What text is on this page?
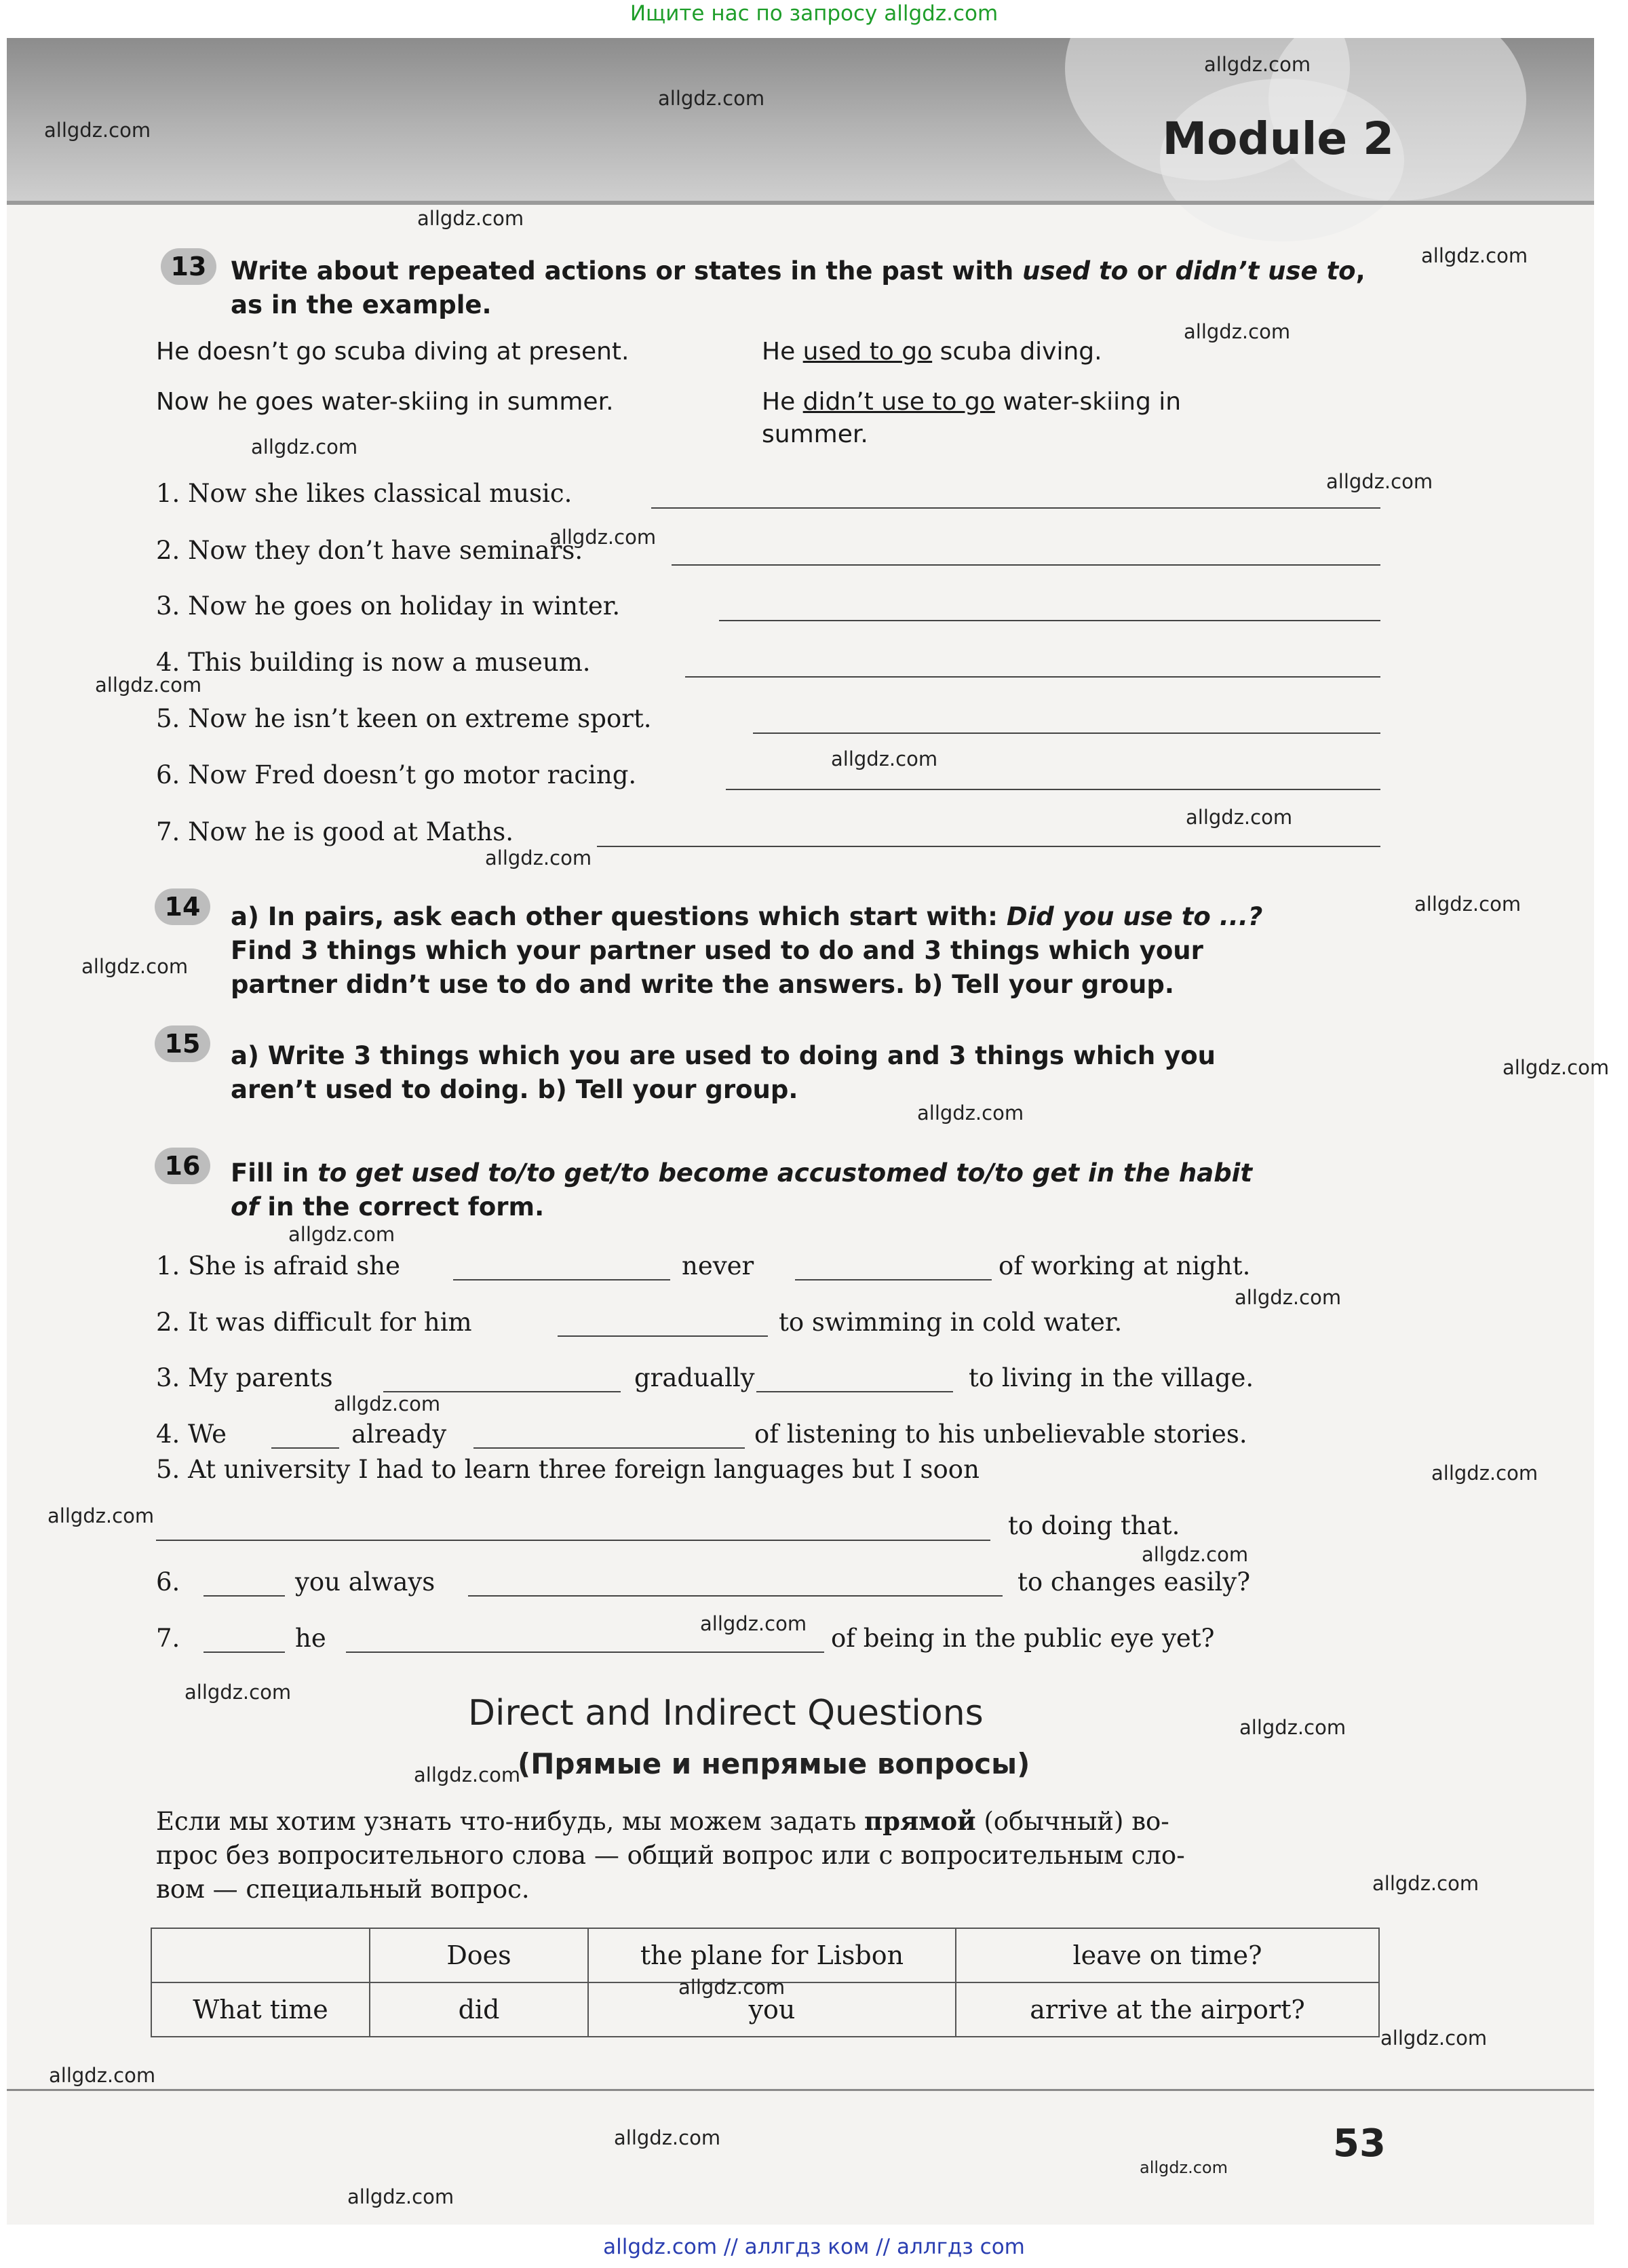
Ищите нас по запросу allgdz.com
allgdz.com // аллгдз ком // аллгдз com
Module 2
13 Write about repeated actions or states in the past with used to or didn’t use to, as in the example.
He doesn’t go scuba diving at present.	He used to go scuba diving.
Now he goes water-skiing in summer.	He didn’t use to go water-skiing in
summer.
1. Now she likes classical music.
2. Now they don’t have seminars.
3. Now he goes on holiday in winter.
4. This building is now a museum.
5. Now he isn’t keen on extreme sport.
6. Now Fred doesn’t go motor racing.
7. Now he is good at Maths.
14	a) In pairs, ask each other questions which start with: Did you use to ...?
Find 3 things which your partner used to do and 3 things which your
partner didn’t use to do and write the answers. b) Tell your group.
15	a) Write 3 things which you are used to doing and 3 things which you
aren’t used to doing. b) Tell your group.
16	Fill in to get used to/to get/to become accustomed to/to get in the habit
of in the correct form.
1. She is afraid she	never	of working at night.
2. It was difficult for him	to swimming in cold water.
3. My parents	gradually	to living in the village.
4. We	already	of listening to his unbelievable stories.
5. At university I had to learn three foreign languages but I soon
to doing that.
6.	you always	to changes easily?
7.	he	of being in the public eye yet?
Direct and Indirect Questions
(Прямые и непрямые вопросы)
Если мы хотим узнать что-нибудь, мы можем задать прямой (обычный) во-
прос без вопросительного слова — общий вопрос или с вопросительным сло-
вом — специальный вопрос.
	Does	the plane for Lisbon	leave on time?
What time	did	you	arrive at the airport?
53
allgdz.com
allgdz.com
allgdz.com
allgdz.com
allgdz.com
allgdz.com
allgdz.com
allgdz.com
allgdz.com
allgdz.com
allgdz.com
allgdz.com
allgdz.com
allgdz.com
allgdz.com
allgdz.com
allgdz.com
allgdz.com
allgdz.com
allgdz.com
allgdz.com
allgdz.com
allgdz.com
allgdz.com
allgdz.com
allgdz.com
allgdz.com
allgdz.com
allgdz.com
allgdz.com
allgdz.com
allgdz.com
allgdz.com
allgdz.com
